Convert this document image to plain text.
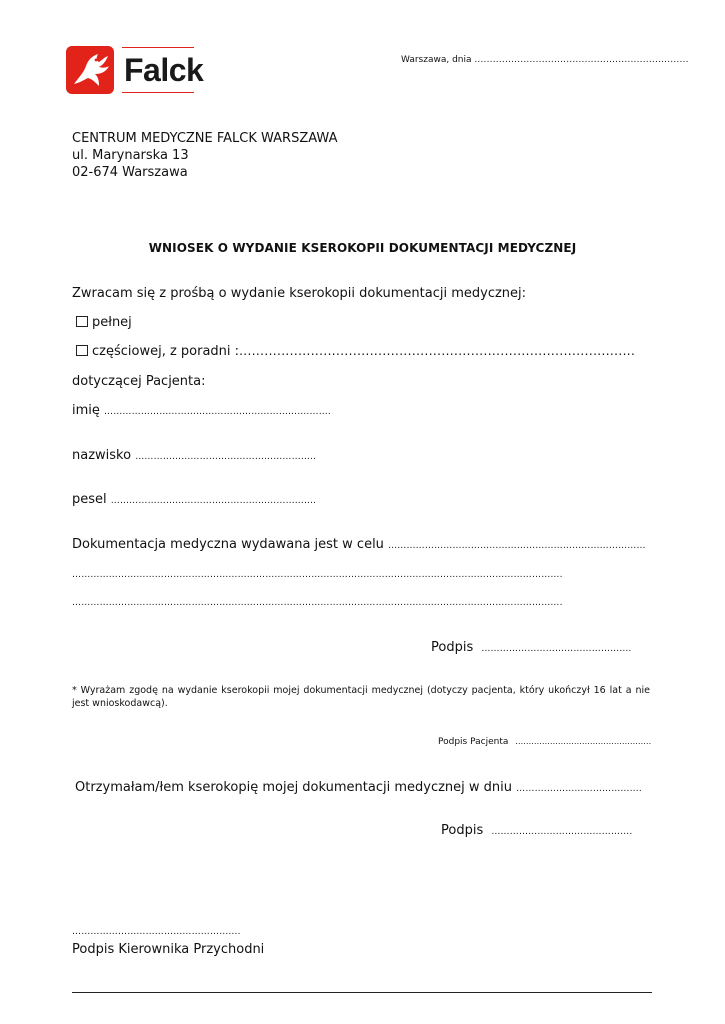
Falck	Warszawa, dnia ......................................................................
CENTRUM MEDYCZNE FALCK WARSZAWA
ul. Marynarska 13
02-674 Warszawa
WNIOSEK O WYDANIE KSEROKOPII DOKUMENTACJI MEDYCZNEJ
Zwracam się z prośbą o wydanie kserokopii dokumentacji medycznej:
pełnej
częściowej, z poradni :..............................................................................................
dotyczącej Pacjenta:
imię ………………………………………………………….…….
nazwisko …………………………………………………..
pesel ………………………………………………………….
Dokumentacja medyczna wydawana jest w celu …………………………………………………………………………
…………………………………………………………………………………………………………………………………………….
…………………………………………………………………………………………………………………………………………….
Podpis ………………………………………….
* Wyrażam zgodę na wydanie kserokopii mojej dokumentacji medycznej (dotyczy pacjenta, który ukończył 16 lat a nie jest wnioskodawcą).
Podpis Pacjenta ……………………………………………
Otrzymałam/łem kserokopię mojej dokumentacji medycznej w dniu ……….………………………….
Podpis ……………………………………….
……………………………………………….
Podpis Kierownika Przychodni
